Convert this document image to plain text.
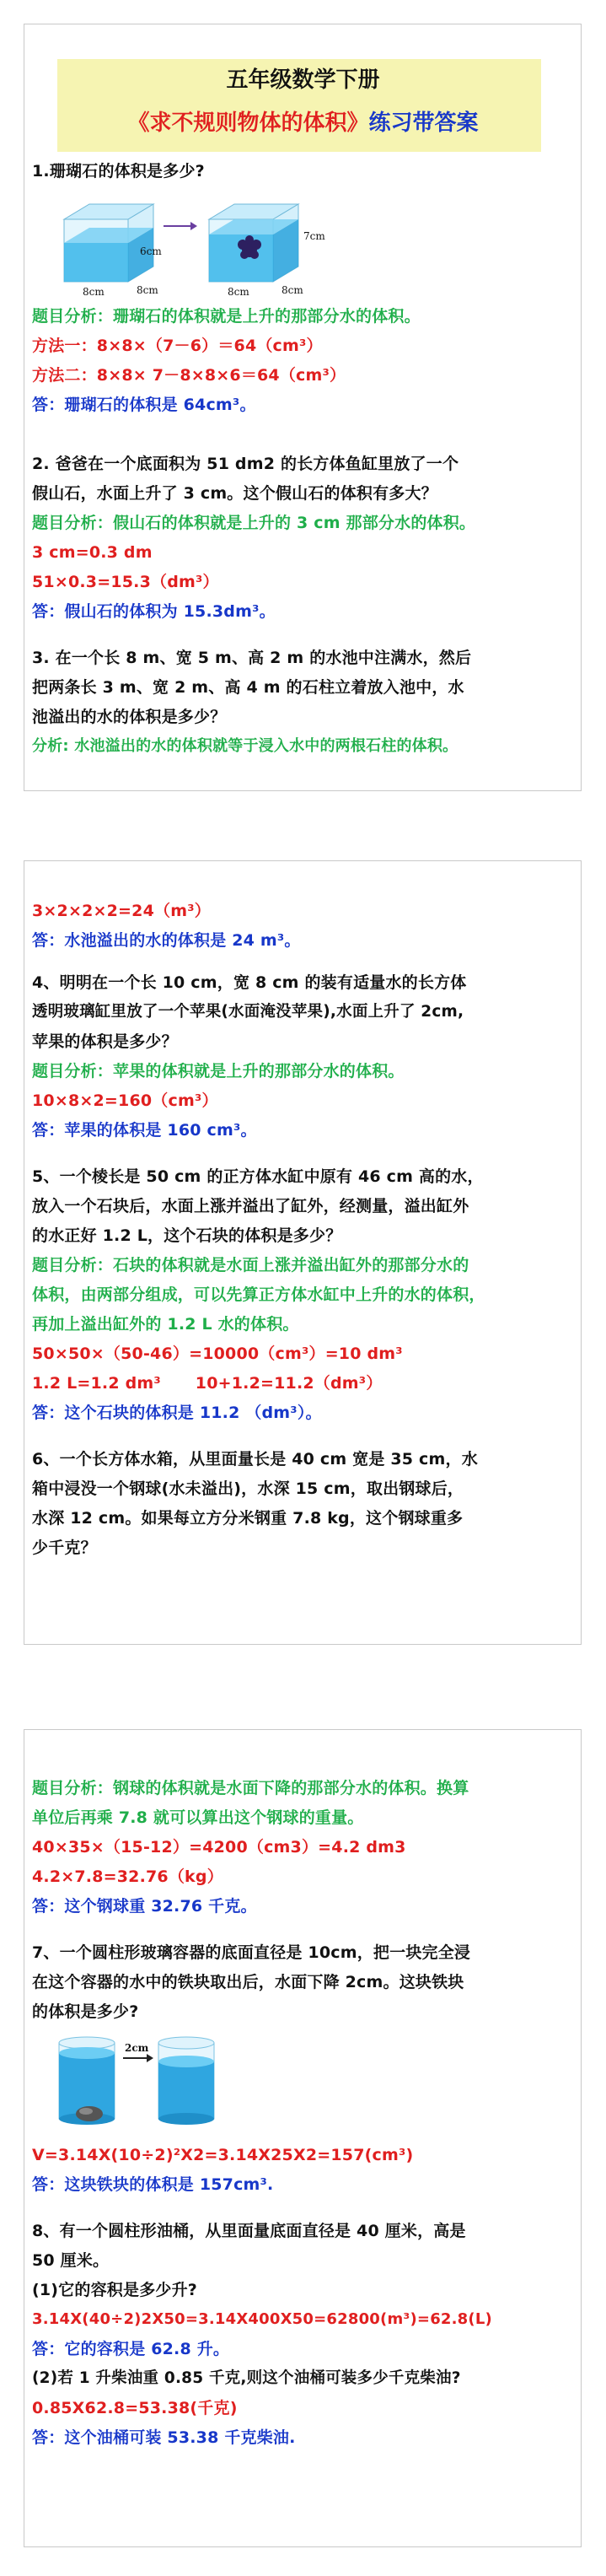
五年级数学下册
《求不规则物体的体积》练习带答案
1.珊瑚石的体积是多少?
6cm
8cm	8cm
7cm
8cm	8cm
题目分析：珊瑚石的体积就是上升的那部分水的体积。
方法一：8×8×（7－6）＝64（cm³）
方法二：8×8× 7－8×8×6＝64（cm³）
答：珊瑚石的体积是 64cm³。
2. 爸爸在一个底面积为 51 dm2 的长方体鱼缸里放了一个
假山石，水面上升了 3 cm。这个假山石的体积有多大？
题目分析：假山石的体积就是上升的 3 cm 那部分水的体积。
3 cm=0.3 dm
51×0.3=15.3（dm³）
答：假山石的体积为 15.3dm³。
3. 在一个长 8 m、宽 5 m、高 2 m 的水池中注满水，然后
把两条长 3 m、宽 2 m、高 4 m 的石柱立着放入池中，水
池溢出的水的体积是多少？
分析: 水池溢出的水的体积就等于浸入水中的两根石柱的体积。
3×2×2×2=24（m³）
答：水池溢出的水的体积是 24 m³。
4、明明在一个长 10 cm，宽 8 cm 的装有适量水的长方体
透明玻璃缸里放了一个苹果(水面淹没苹果),水面上升了 2cm,
苹果的体积是多少？
题目分析：苹果的体积就是上升的那部分水的体积。
10×8×2=160（cm³）
答：苹果的体积是 160 cm³。
5、一个棱长是 50 cm 的正方体水缸中原有 46 cm 高的水，
放入一个石块后，水面上涨并溢出了缸外，经测量，溢出缸外
的水正好 1.2 L，这个石块的体积是多少？
题目分析：石块的体积就是水面上涨并溢出缸外的那部分水的
体积，由两部分组成，可以先算正方体水缸中上升的水的体积，
再加上溢出缸外的 1.2 L 水的体积。
50×50×（50-46）=10000（cm³）=10 dm³
1.2 L=1.2 dm³      10+1.2=11.2（dm³）
答：这个石块的体积是 11.2 （dm³）。
6、一个长方体水箱，从里面量长是 40 cm 宽是 35 cm，水
箱中浸没一个钢球(水未溢出)，水深 15 cm，取出钢球后，
水深 12 cm。如果每立方分米钢重 7.8 kg，这个钢球重多
少千克？
题目分析：钢球的体积就是水面下降的那部分水的体积。换算
单位后再乘 7.8 就可以算出这个钢球的重量。
40×35×（15-12）=4200（cm3）=4.2 dm3
4.2×7.8=32.76（kg）
答：这个钢球重 32.76 千克。
7、一个圆柱形玻璃容器的底面直径是 10cm，把一块完全浸
在这个容器的水中的铁块取出后，水面下降 2cm。这块铁块
的体积是多少?
2cm
V=3.14X(10÷2)²X2=3.14X25X2=157(cm³)
答：这块铁块的体积是 157cm³.
8、有一个圆柱形油桶，从里面量底面直径是 40 厘米，高是
50 厘米。
(1)它的容积是多少升?
3.14X(40÷2)2X50=3.14X400X50=62800(m³)=62.8(L)
答：它的容积是 62.8 升。
(2)若 1 升柴油重 0.85 千克,则这个油桶可装多少千克柴油?
0.85X62.8=53.38(千克)
答：这个油桶可装 53.38 千克柴油.
